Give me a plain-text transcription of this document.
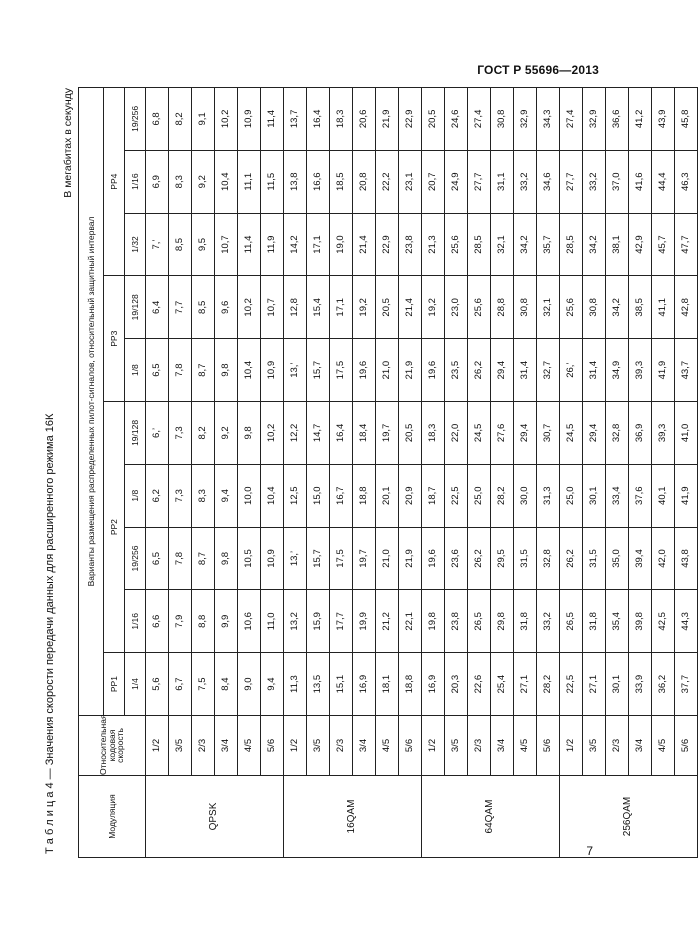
ГОСТ Р 55696—2013
Т а б л и ц а 4 — Значения скорости передачи данных для расширенного режима 16К
В мегабитах в секунду
Модуляция	Относительная кодовая скорость	Варианты размещения распределенных пилот-сигналов, относительный защитный интервал									
		PP1	PP2				PP3		PP4		
		1/4	1/16	19/256	1/8	19/128	1/8	19/128	1/32	1/16	19/256
QPSK	1/2	5,6	6,6	6,5	6,2	6,’	6,5	6,4	7,’	6,9	6,8
	3/5	6,7	7,9	7,8	7,3	7,3	7,8	7,7	8,5	8,3	8,2
	2/3	7,5	8,8	8,7	8,3	8,2	8,7	8,5	9,5	9,2	9,1
	3/4	8,4	9,9	9,8	9,4	9,2	9,8	9,6	10,7	10,4	10,2
	4/5	9,0	10,6	10,5	10,0	9,8	10,4	10,2	11,4	11,1	10,9
	5/6	9,4	11,0	10,9	10,4	10,2	10,9	10,7	11,9	11,5	11,4
16QAM	1/2	11,3	13,2	13,’	12,5	12,2	13,’	12,8	14,2	13,8	13,7
	3/5	13,5	15,9	15,7	15,0	14,7	15,7	15,4	17,1	16,6	16,4
	2/3	15,1	17,7	17,5	16,7	16,4	17,5	17,1	19,0	18,5	18,3
	3/4	16,9	19,9	19,7	18,8	18,4	19,6	19,2	21,4	20,8	20,6
	4/5	18,1	21,2	21,0	20,1	19,7	21,0	20,5	22,9	22,2	21,9
	5/6	18,8	22,1	21,9	20,9	20,5	21,9	21,4	23,8	23,1	22,9
64QAM	1/2	16,9	19,8	19,6	18,7	18,3	19,6	19,2	21,3	20,7	20,5
	3/5	20,3	23,8	23,6	22,5	22,0	23,5	23,0	25,6	24,9	24,6
	2/3	22,6	26,5	26,2	25,0	24,5	26,2	25,6	28,5	27,7	27,4
	3/4	25,4	29,8	29,5	28,2	27,6	29,4	28,8	32,1	31,1	30,8
	4/5	27,1	31,8	31,5	30,0	29,4	31,4	30,8	34,2	33,2	32,9
	5/6	28,2	33,2	32,8	31,3	30,7	32,7	32,1	35,7	34,6	34,3
256QAM	1/2	22,5	26,5	26,2	25,0	24,5	26,’	25,6	28,5	27,7	27,4
	3/5	27,1	31,8	31,5	30,1	29,4	31,4	30,8	34,2	33,2	32,9
	2/3	30,1	35,4	35,0	33,4	32,8	34,9	34,2	38,1	37,0	36,6
	3/4	33,9	39,8	39,4	37,6	36,9	39,3	38,5	42,9	41,6	41,2
	4/5	36,2	42,5	42,0	40,1	39,3	41,9	41,1	45,7	44,4	43,9
	5/6	37,7	44,3	43,8	41,9	41,0	43,7	42,8	47,7	46,3	45,8
7
